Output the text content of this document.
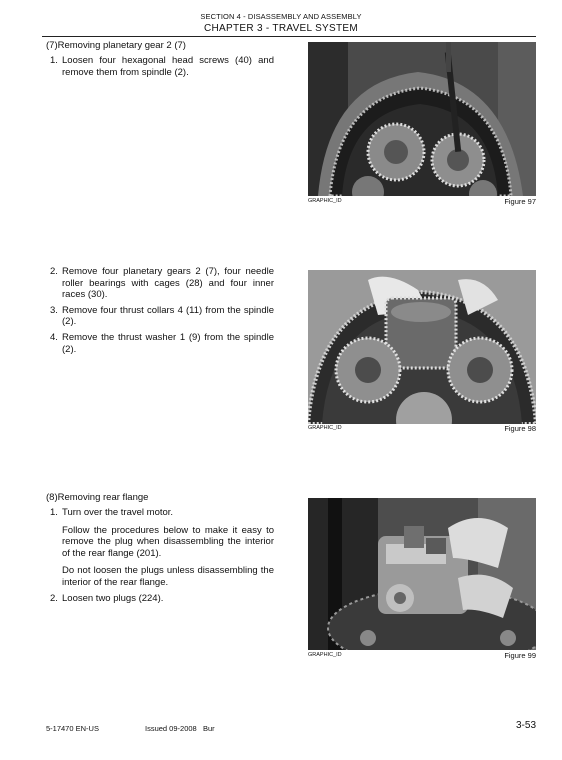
SECTION 4 - DISASSEMBLY AND ASSEMBLY
CHAPTER 3 - TRAVEL SYSTEM
(7)Removing planetary gear 2 (7)
1. Loosen four hexagonal head screws (40) and remove them from spindle (2).
GRAPHIC_ID	Figure 97
2. Remove four planetary gears 2 (7), four needle roller bearings with cages (28) and four inner races (30).
3. Remove four thrust collars 4 (11) from the spindle (2).
4. Remove the thrust washer 1 (9) from the spindle (2).
GRAPHIC_ID	Figure 98
(8)Removing rear flange
1. Turn over the travel motor.

Follow the procedures below to make it easy to remove the plug when disassembling the interior of the rear flange (201).

Do not loosen the plugs unless disassembling the interior of the rear flange.

2. Loosen two plugs (224).
GRAPHIC_ID	Figure 99
5-17470 EN-US	Issued 09-2008 Bur	3-53
